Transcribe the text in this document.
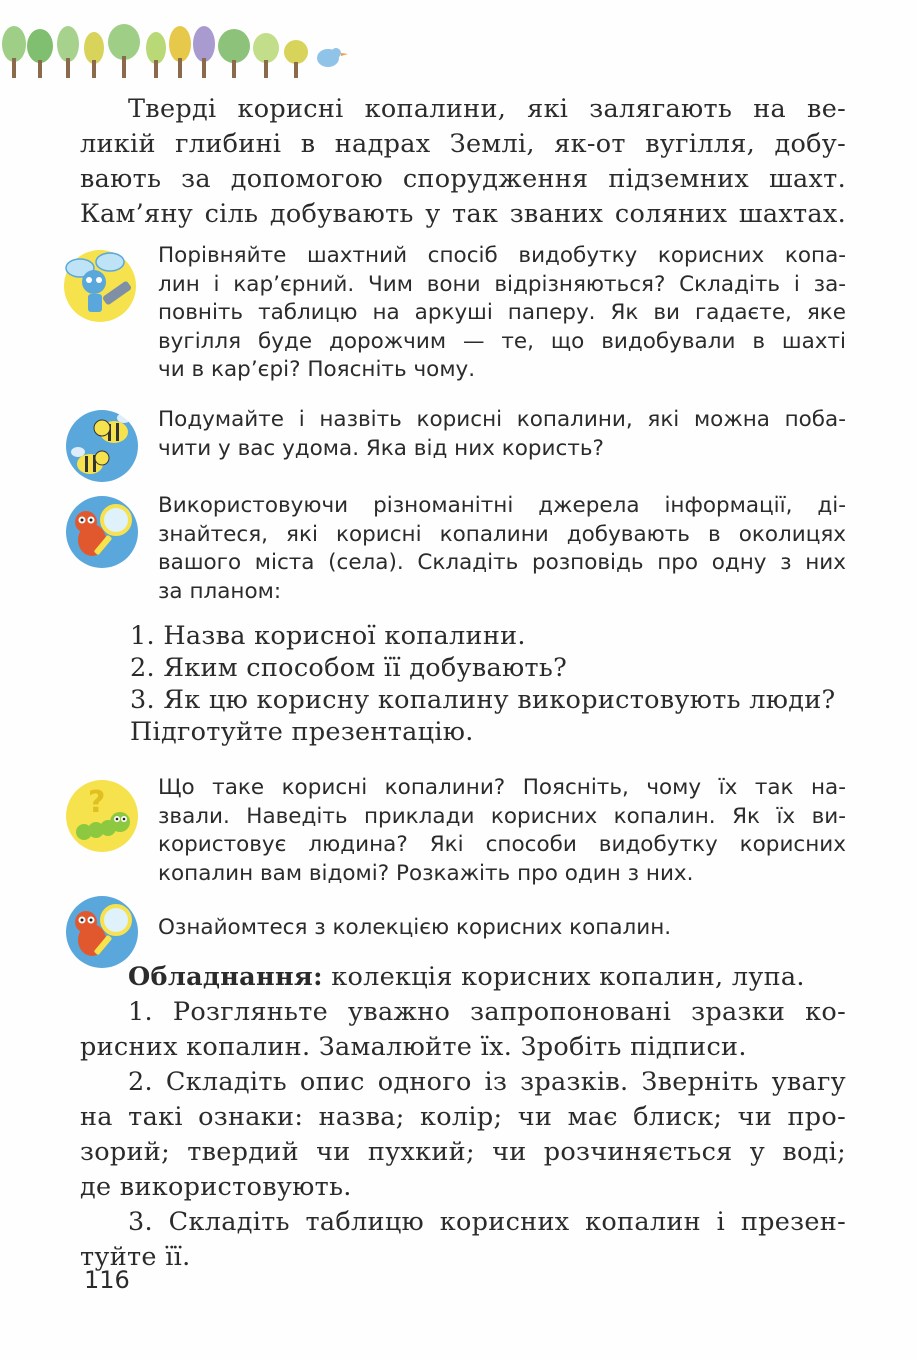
Тверді корисні копалини, які залягають на ве-
ликій глибині в надрах Землі, як-от вугілля, добу-
вають за допомогою спорудження підземних шахт.
Кам’яну сіль добувають у так званих соляних шахтах.
Порівняйте шахтний спосіб видобутку корисних копа-
лин і кар’єрний. Чим вони відрізняються? Складіть і за-
повніть таблицю на аркуші паперу. Як ви гадаєте, яке
вугілля буде дорожчим — те, що видобували в шахті
чи в кар’єрі? Поясніть чому.
Подумайте і назвіть корисні копалини, які можна поба-
чити у вас удома. Яка від них користь?
Використовуючи різноманітні джерела інформації, ді-
знайтеся, які корисні копалини добувають в околицях
вашого міста (села). Складіть розповідь про одну з них
за планом:
1. Назва корисної копалини.
2. Яким способом її добувають?
3. Як цю корисну копалину використовують люди?
Підготуйте презентацію.
? Що таке корисні копалини? Поясніть, чому їх так на-
звали. Наведіть приклади корисних копалин. Як їх ви-
користовує людина? Які способи видобутку корисних
копалин вам відомі? Розкажіть про один з них.
Ознайомтеся з колекцією корисних копалин.
Обладнання: колекція корисних копалин, лупа.
1. Розгляньте уважно запропоновані зразки ко-
рисних копалин. Замалюйте їх. Зробіть підписи.
2. Складіть опис одного із зразків. Зверніть увагу
на такі ознаки: назва; колір; чи має блиск; чи про-
зорий; твердий чи пухкий; чи розчиняється у воді;
де використовують.
3. Складіть таблицю корисних копалин і презен-
туйте її.
116
